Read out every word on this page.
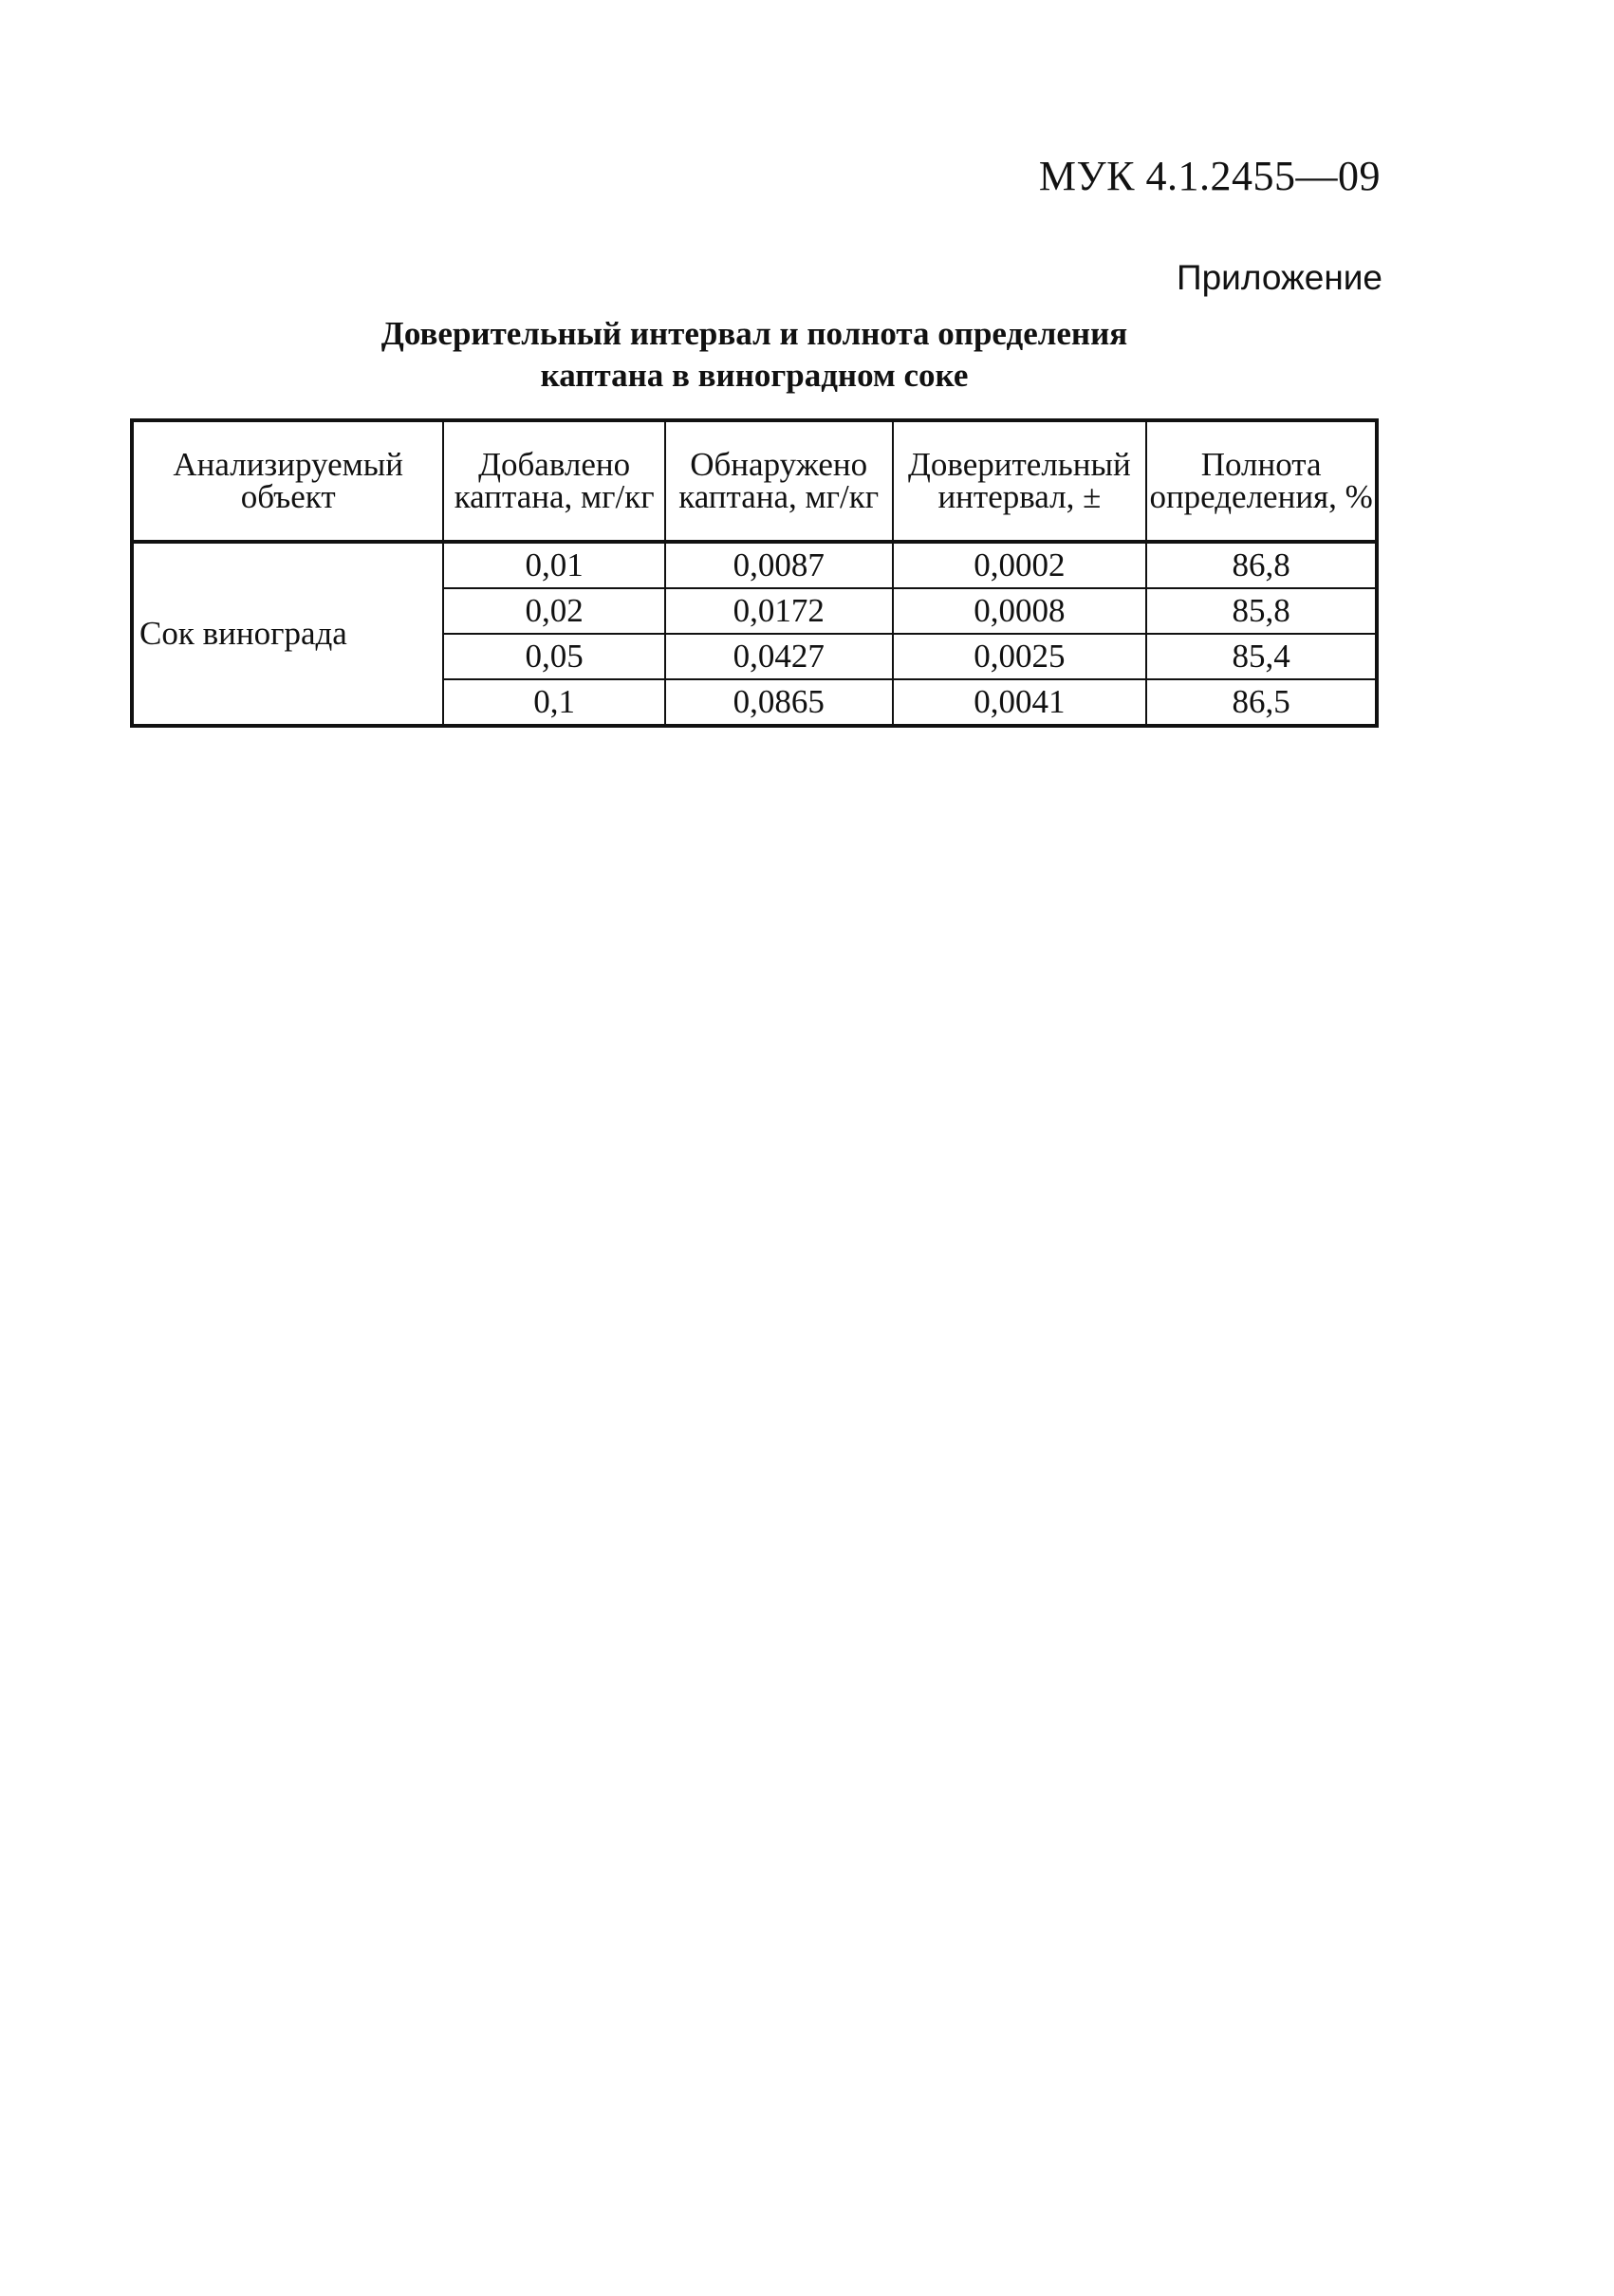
МУК 4.1.2455—09
Приложение
Доверительный интервал и полнота определения
каптана в виноградном соке
Анализируемый объект	Добавлено каптана, мг/кг	Обнаружено каптана, мг/кг	Доверительный интервал, ±	Полнота определения, %
Сок винограда	0,01	0,0087	0,0002	86,8
	0,02	0,0172	0,0008	85,8
	0,05	0,0427	0,0025	85,4
	0,1	0,0865	0,0041	86,5
